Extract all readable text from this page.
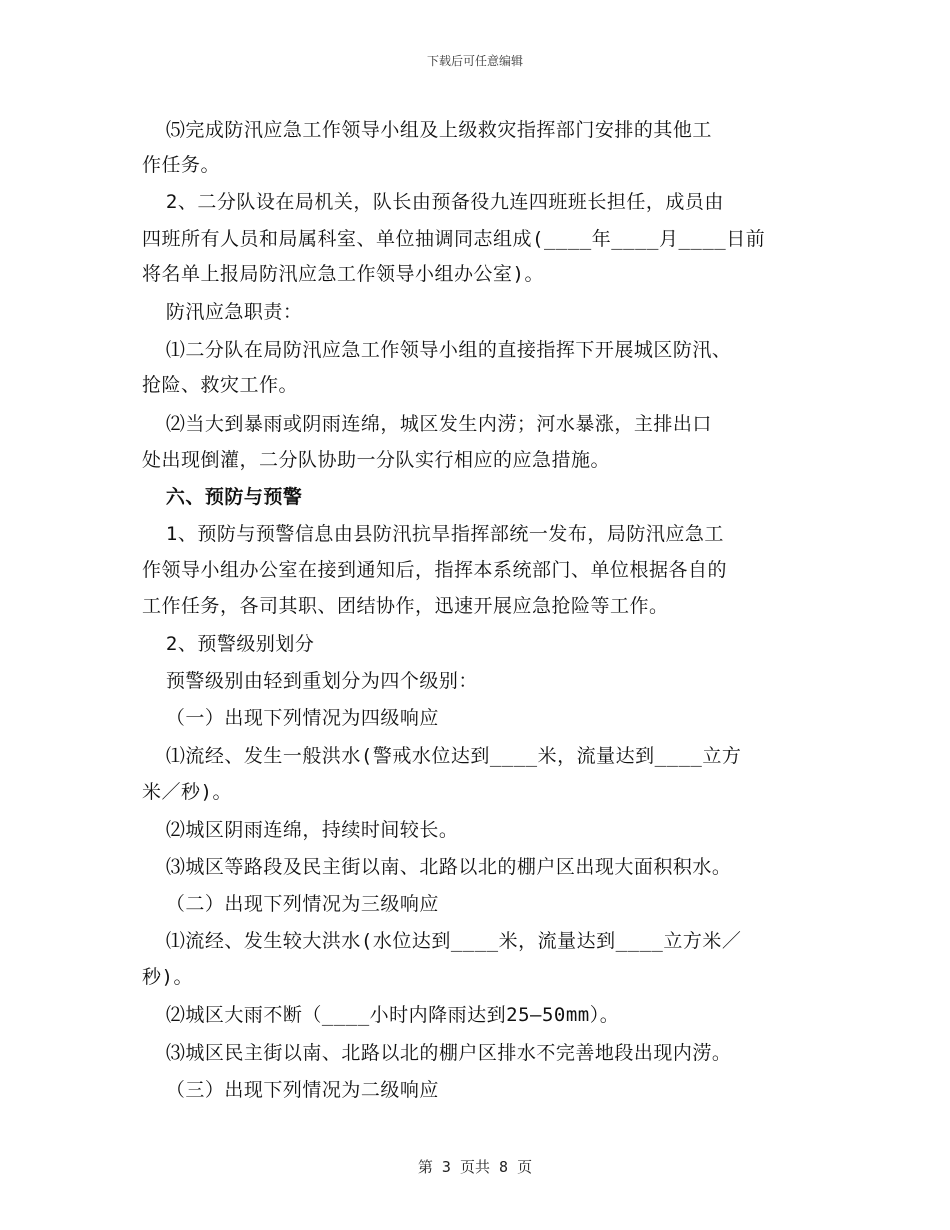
下载后可任意编辑
⑸完成防汛应急工作领导小组及上级救灾指挥部门安排的其他工
作任务。
2、二分队设在局机关，队长由预备役九连四班班长担任，成员由
四班所有人员和局属科室、单位抽调同志组成(____年____月____日前
将名单上报局防汛应急工作领导小组办公室)。
防汛应急职责：
⑴二分队在局防汛应急工作领导小组的直接指挥下开展城区防汛、
抢险、救灾工作。
⑵当大到暴雨或阴雨连绵，城区发生内涝；河水暴涨，主排出口
处出现倒灌，二分队协助一分队实行相应的应急措施。
六、预防与预警
1、预防与预警信息由县防汛抗旱指挥部统一发布，局防汛应急工
作领导小组办公室在接到通知后，指挥本系统部门、单位根据各自的
工作任务，各司其职、团结协作，迅速开展应急抢险等工作。
2、预警级别划分
预警级别由轻到重划分为四个级别：
（一）出现下列情况为四级响应
⑴流经、发生一般洪水(警戒水位达到____米，流量达到____立方
米／秒)。
⑵城区阴雨连绵，持续时间较长。
⑶城区等路段及民主街以南、北路以北的棚户区出现大面积积水。
（二）出现下列情况为三级响应
⑴流经、发生较大洪水(水位达到____米，流量达到____立方米／
秒)。
⑵城区大雨不断（____小时内降雨达到25—50mm）。
⑶城区民主街以南、北路以北的棚户区排水不完善地段出现内涝。
（三）出现下列情况为二级响应
第 3 页共 8 页
